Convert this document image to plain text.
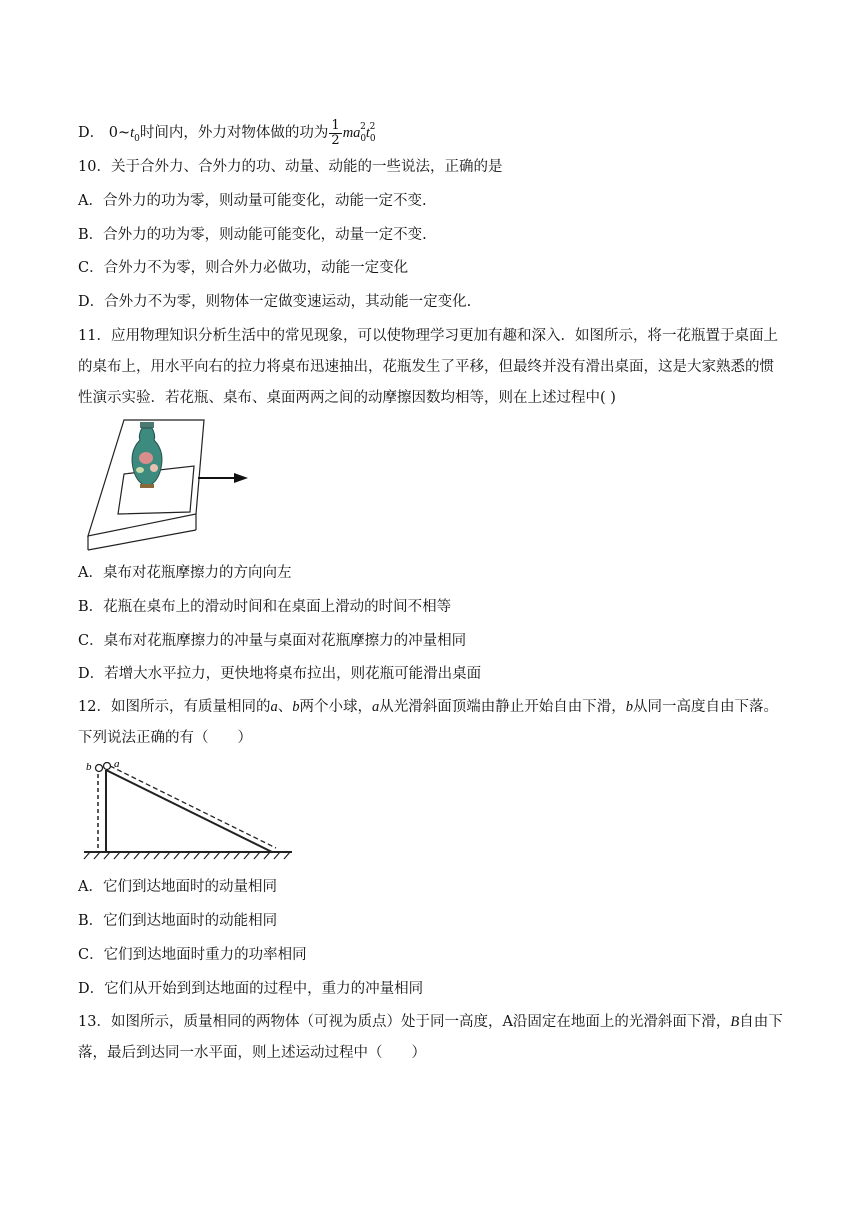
D． $0\sim t_0$时间内，外力对物体做的功为 $\frac{1}{2} ma_0^2t_0^2$
10．关于合外力、合外力的功、动量、动能的一些说法，正确的是
A．合外力的功为零，则动量可能变化，动能一定不变.
B．合外力的功为零，则动能可能变化，动量一定不变.
C．合外力不为零，则合外力必做功，动能一定变化
D．合外力不为零，则物体一定做变速运动，其动能一定变化.
11．应用物理知识分析生活中的常见现象，可以使物理学习更加有趣和深入．如图所示，将一花瓶置于桌面上的桌布上，用水平向右的拉力将桌布迅速抽出，花瓶发生了平移，但最终并没有滑出桌面，这是大家熟悉的惯性演示实验．若花瓶、桌布、桌面两两之间的动摩擦因数均相等，则在上述过程中( )
A．桌布对花瓶摩擦力的方向向左
B．花瓶在桌布上的滑动时间和在桌面上滑动的时间不相等
C．桌布对花瓶摩擦力的冲量与桌面对花瓶摩擦力的冲量相同
D．若增大水平拉力，更快地将桌布拉出，则花瓶可能滑出桌面
12．如图所示，有质量相同的a、b两个小球，a从光滑斜面顶端由静止开始自由下滑，b从同一高度自由下落。下列说法正确的有（　　）
b a
A．它们到达地面时的动量相同
B．它们到达地面时的动能相同
C．它们到达地面时重力的功率相同
D．它们从开始到到达地面的过程中，重力的冲量相同
13．如图所示，质量相同的两物体（可视为质点）处于同一高度，A沿固定在地面上的光滑斜面下滑，B自由下落，最后到达同一水平面，则上述运动过程中（　　）
